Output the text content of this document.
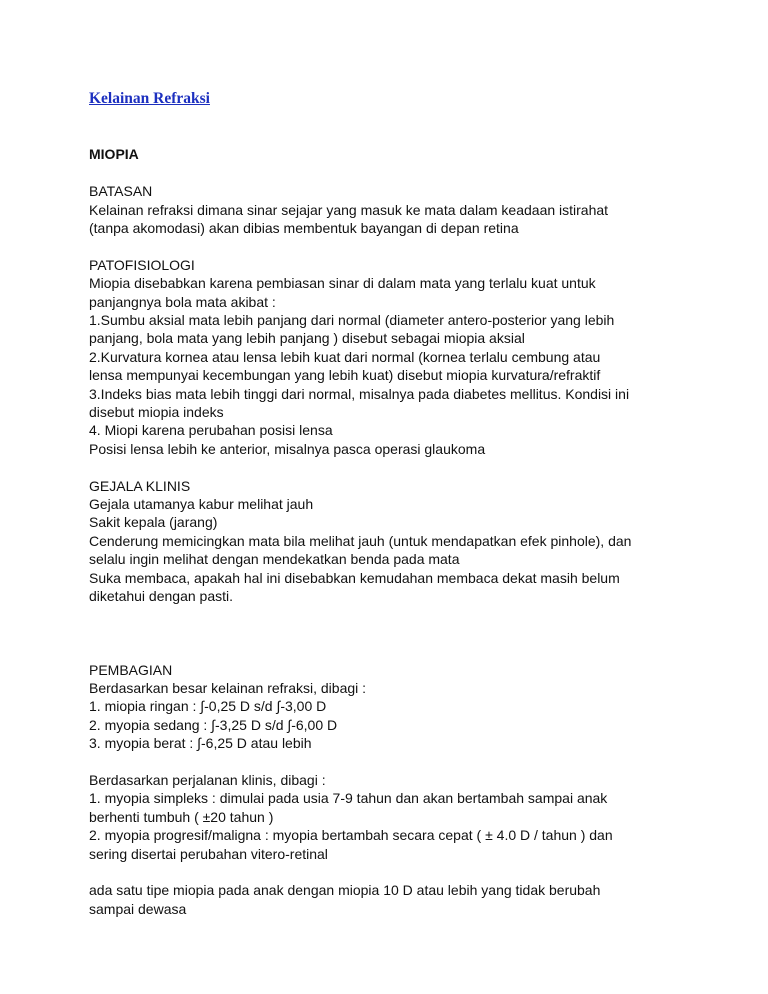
Kelainan Refraksi
MIOPIA
BATASAN
Kelainan refraksi dimana sinar sejajar yang masuk ke mata dalam keadaan istirahat
(tanpa akomodasi) akan dibias membentuk bayangan di depan retina
PATOFISIOLOGI
Miopia disebabkan karena pembiasan sinar di dalam mata yang terlalu kuat untuk
panjangnya bola mata akibat :
1.Sumbu aksial mata lebih panjang dari normal (diameter antero-posterior yang lebih
panjang, bola mata yang lebih panjang ) disebut sebagai miopia aksial
2.Kurvatura kornea atau lensa lebih kuat dari normal (kornea terlalu cembung atau
lensa mempunyai kecembungan yang lebih kuat) disebut miopia kurvatura/refraktif
3.Indeks bias mata lebih tinggi dari normal, misalnya pada diabetes mellitus. Kondisi ini
disebut miopia indeks
4. Miopi karena perubahan posisi lensa
Posisi lensa lebih ke anterior, misalnya pasca operasi glaukoma
GEJALA KLINIS
Gejala utamanya kabur melihat jauh
Sakit kepala (jarang)
Cenderung memicingkan mata bila melihat jauh (untuk mendapatkan efek pinhole), dan
selalu ingin melihat dengan mendekatkan benda pada mata
Suka membaca, apakah hal ini disebabkan kemudahan membaca dekat masih belum
diketahui dengan pasti.
PEMBAGIAN
Berdasarkan besar kelainan refraksi, dibagi :
1. miopia ringan : ∫-0,25 D s/d ∫-3,00 D
2. myopia sedang : ∫-3,25 D s/d ∫-6,00 D
3. myopia berat : ∫-6,25 D atau lebih
Berdasarkan perjalanan klinis, dibagi :
1. myopia simpleks : dimulai pada usia 7-9 tahun dan akan bertambah sampai anak
berhenti tumbuh ( ±20 tahun )
2. myopia progresif/maligna : myopia bertambah secara cepat ( ± 4.0 D / tahun ) dan
sering disertai perubahan vitero-retinal
ada satu tipe miopia pada anak dengan miopia 10 D atau lebih yang tidak berubah
sampai dewasa
